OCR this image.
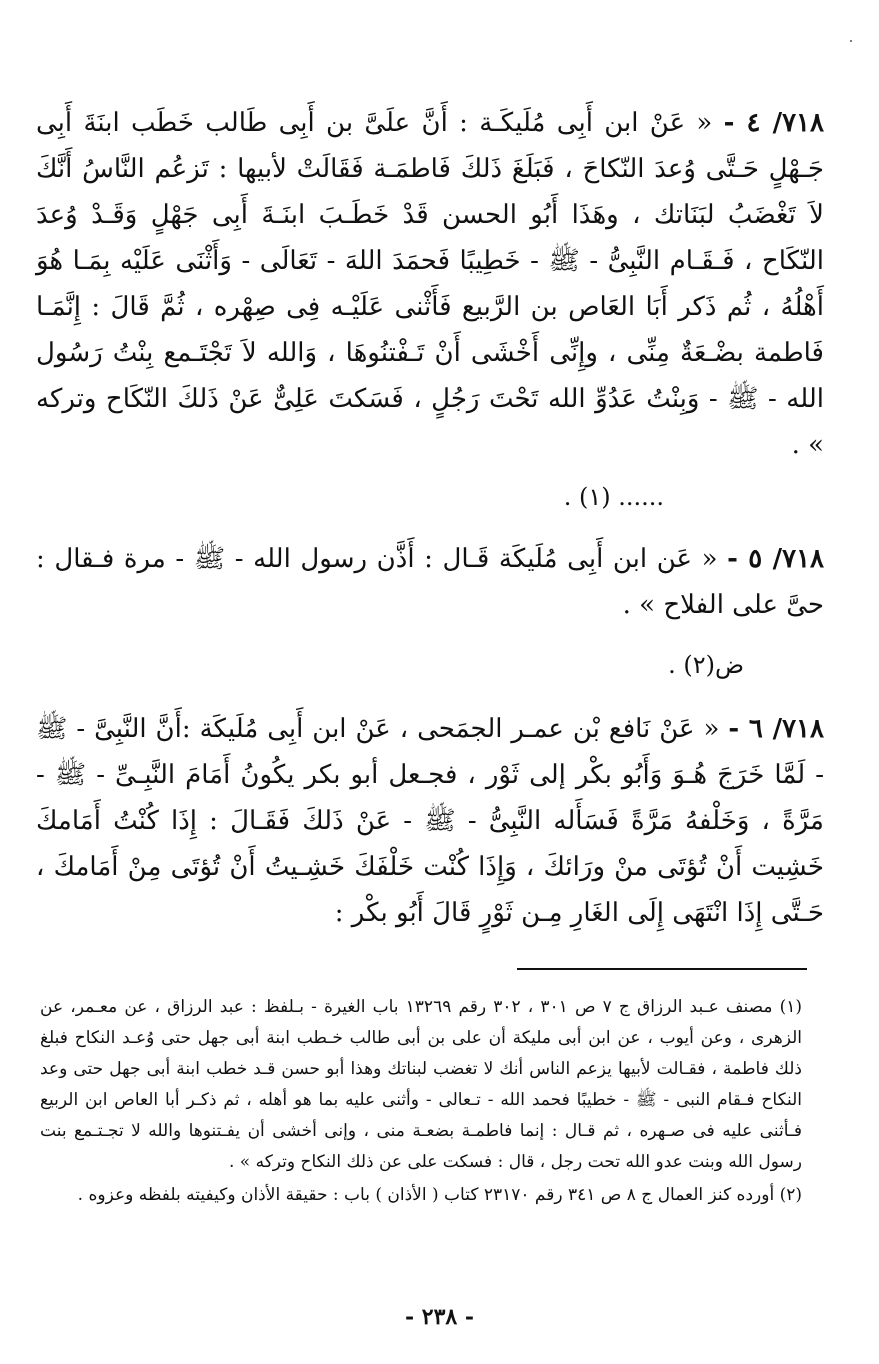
٧١٨/ ٤ - « عَنْ ابن أَبِى مُلَيكَـة : أَنَّ علَىَّ بن أَبِى طَالب خَطَب ابنَةَ أَبِى جَـهْلٍ حَـتَّى وُعدَ النّكاحَ ، فَبَلَغَ ذَلكَ فَاطمَـة فَقَالَتْ لأبيها : تَزعُم النَّاسُ أَنَّكَ لاَ تَغْضَبُ لبَنَاتك ، وهَذَا أَبُو الحسن قَدْ خَطَـبَ ابنَـةَ أَبِى جَهْلٍ وَقَـدْ وُعدَ النّكَاح ، فَـقَـام النَّبِىُّ - ﷺ - خَطِيبًا فَحمَدَ اللهَ - تَعَالَى - وَأَثْنَى عَلَيْه بِمَـا هُوَ أَهْلُهُ ، ثُم ذَكر أَبَا العَاص بن الرَّبيع فَأَثْنى عَلَيْـه فِى صِهْره ، ثُمَّ قَالَ : إِنَّمَـا فَاطمة بضْـعَةٌ مِنِّى ، وإِنِّى أَخْشَى أَنْ تَـفْتنُوهَا ، وَالله لاَ تَجْتَـمع بِنْتُ رَسُول الله - ﷺ - وَبِنْتُ عَدُوِّ الله تَحْتَ رَجُلٍ ، فَسَكتَ عَلِىٌّ عَنْ ذَلكَ النّكَاح وتركه » .

...... (١) .

٧١٨/ ٥ - « عَن ابن أَبِى مُلَيكَة قَـال : أَذَّن رسول الله - ﷺ - مرة فـقال : حىَّ على الفلاح » .

ض(٢) .

٧١٨/ ٦ - « عَنْ نَافع بْن عمـر الجمَحى ، عَنْ ابن أَبِى مُلَيكَة :أَنَّ النَّبِىَّ - ﷺ - لَمَّا خَرَجَ هُـوَ وَأَبُو بكْر إلى ثَوْر ، فجـعل أبو بكر يكُونُ أَمَامَ النَّبِـىِّ - ﷺ - مَرَّةً ، وَخَلْفهُ مَرَّةً فَسَأَله النَّبِىُّ - ﷺ - عَنْ ذَلكَ فَقَـالَ : إِذَا كُنْتُ أَمَامكَ خَشِيت أَنْ تُؤتَى منْ ورَائكَ ، وَإِذَا كُنْت خَلْفَكَ خَشِـيتُ أَنْ تُؤتَى مِنْ أَمَامكَ ، حَـتَّى إِذَا انْتَهَى إِلَى الغَارِ مِـن ثَوْرٍ قَالَ أَبُو بكْر :

(١) مصنف عـبد الرزاق ج ٧ ص ٣٠١ ، ٣٠٢ رقم ١٣٢٦٩ باب الغيرة - بـلفظ : عبد الرزاق ، عن معـمر، عن الزهرى ، وعن أيوب ، عن ابن أبى مليكة أن على بن أبى طالب خـطب ابنة أبى جهل حتى وُعـد النكاح فبلغ ذلك فاطمة ، فقـالت لأبيها يزعم الناس أنك لا تغضب لبناتك وهذا أبو حسن قـد خطب ابنة أبى جهل حتى وعد النكاح فـقام النبى - ﷺ - خطيبًا فحمد الله - تـعالى - وأثنى عليه بما هو أهله ، ثم ذكـر أبا العاص ابن الربيع فـأثنى عليه فى صـهره ، ثم قـال : إنما فاطمـة بضعـة منى ، وإنى أخشى أن يفـتنوها والله لا تجـتـمع بنت رسول الله وبنت عدو الله تحت رجل ، قال : فسكت على عن ذلك النكاح وتركه » .

(٢) أورده كنز العمال ج ٨ ص ٣٤١ رقم ٢٣١٧٠ كتاب ( الأذان ) باب : حقيقة الأذان وكيفيته بلفظه وعزوه .

- ٢٣٨ -
